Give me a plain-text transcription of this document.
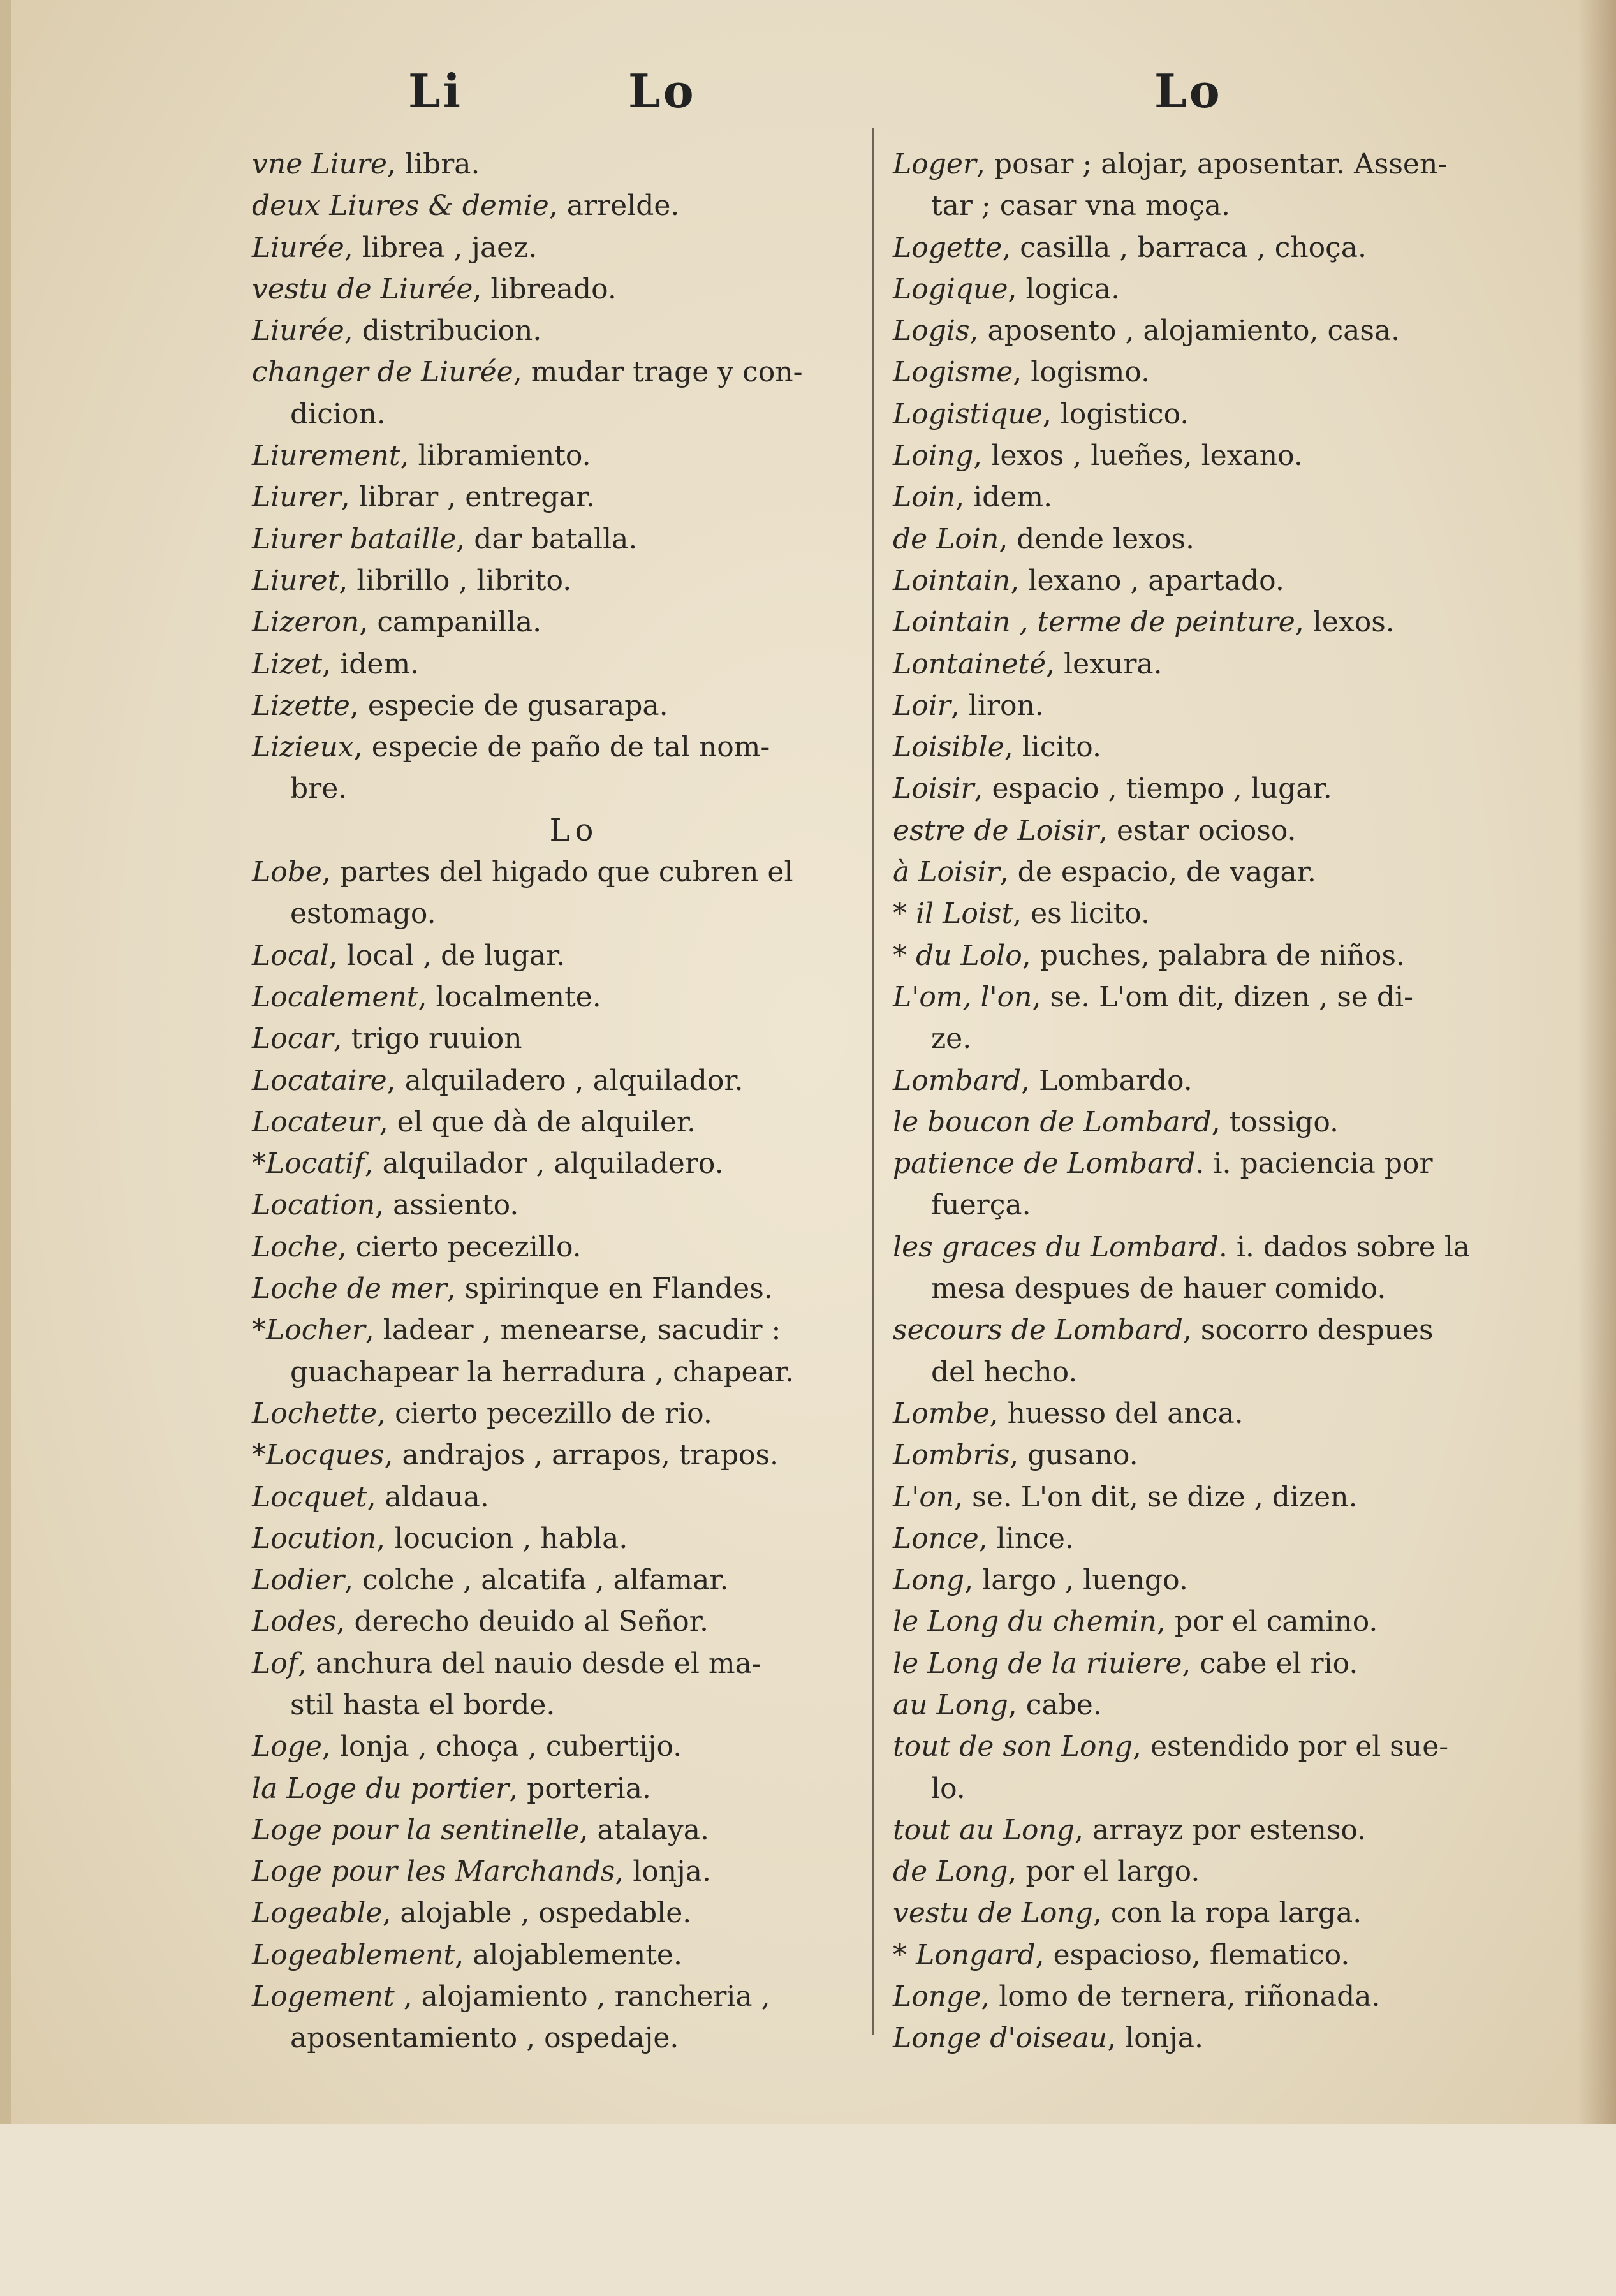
Li	Lo	Lo
vne Liure, libra.
deux Liures & demie, arrelde.
Liurée, librea , jaez.
vestu de Liurée, libreado.
Liurée, distribucion.
changer de Liurée, mudar trage y con-
dicion.
Liurement, libramiento.
Liurer, librar , entregar.
Liurer bataille, dar batalla.
Liuret, librillo , librito.
Lizeron, campanilla.
Lizet, idem.
Lizette, especie de gusarapa.
Lizieux, especie de paño de tal nom-
bre.
Lo
Lobe, partes del higado que cubren el
estomago.
Local, local , de lugar.
Localement, localmente.
Locar, trigo ruuion
Locataire, alquiladero , alquilador.
Locateur, el que dà de alquiler.
*Locatif, alquilador , alquiladero.
Location, assiento.
Loche, cierto pecezillo.
Loche de mer, spirinque en Flandes.
*Locher, ladear , menearse, sacudir :
guachapear la herradura , chapear.
Lochette, cierto pecezillo de rio.
*Locques, andrajos , arrapos, trapos.
Locquet, aldaua.
Locution, locucion , habla.
Lodier, colche , alcatifa , alfamar.
Lodes, derecho deuido al Señor.
Lof, anchura del nauio desde el ma-
stil hasta el borde.
Loge, lonja , choça , cubertijo.
la Loge du portier, porteria.
Loge pour la sentinelle, atalaya.
Loge pour les Marchands, lonja.
Logeable, alojable , ospedable.
Logeablement, alojablemente.
Logement , alojamiento , rancheria ,
aposentamiento , ospedaje.
Loger, posar ; alojar, aposentar. Assen-
tar ; casar vna moça.
Logette, casilla , barraca , choça.
Logique, logica.
Logis, aposento , alojamiento, casa.
Logisme, logismo.
Logistique, logistico.
Loing, lexos , lueñes, lexano.
Loin, idem.
de Loin, dende lexos.
Lointain, lexano , apartado.
Lointain , terme de peinture, lexos.
Lontaineté, lexura.
Loir, liron.
Loisible, licito.
Loisir, espacio , tiempo , lugar.
estre de Loisir, estar ocioso.
à Loisir, de espacio, de vagar.
* il Loist, es licito.
* du Lolo, puches, palabra de niños.
L'om, l'on, se. L'om dit, dizen , se di-
ze.
Lombard, Lombardo.
le boucon de Lombard, tossigo.
patience de Lombard. i. paciencia por
fuerça.
les graces du Lombard. i. dados sobre la
mesa despues de hauer comido.
secours de Lombard, socorro despues
del hecho.
Lombe, huesso del anca.
Lombris, gusano.
L'on, se. L'on dit, se dize , dizen.
Lonce, lince.
Long, largo , luengo.
le Long du chemin, por el camino.
le Long de la riuiere, cabe el rio.
au Long, cabe.
tout de son Long, estendido por el sue-
lo.
tout au Long, arrayz por estenso.
de Long, por el largo.
vestu de Long, con la ropa larga.
* Longard, espacioso, flematico.
Longe, lomo de ternera, riñonada.
Longe d'oiseau, lonja.
